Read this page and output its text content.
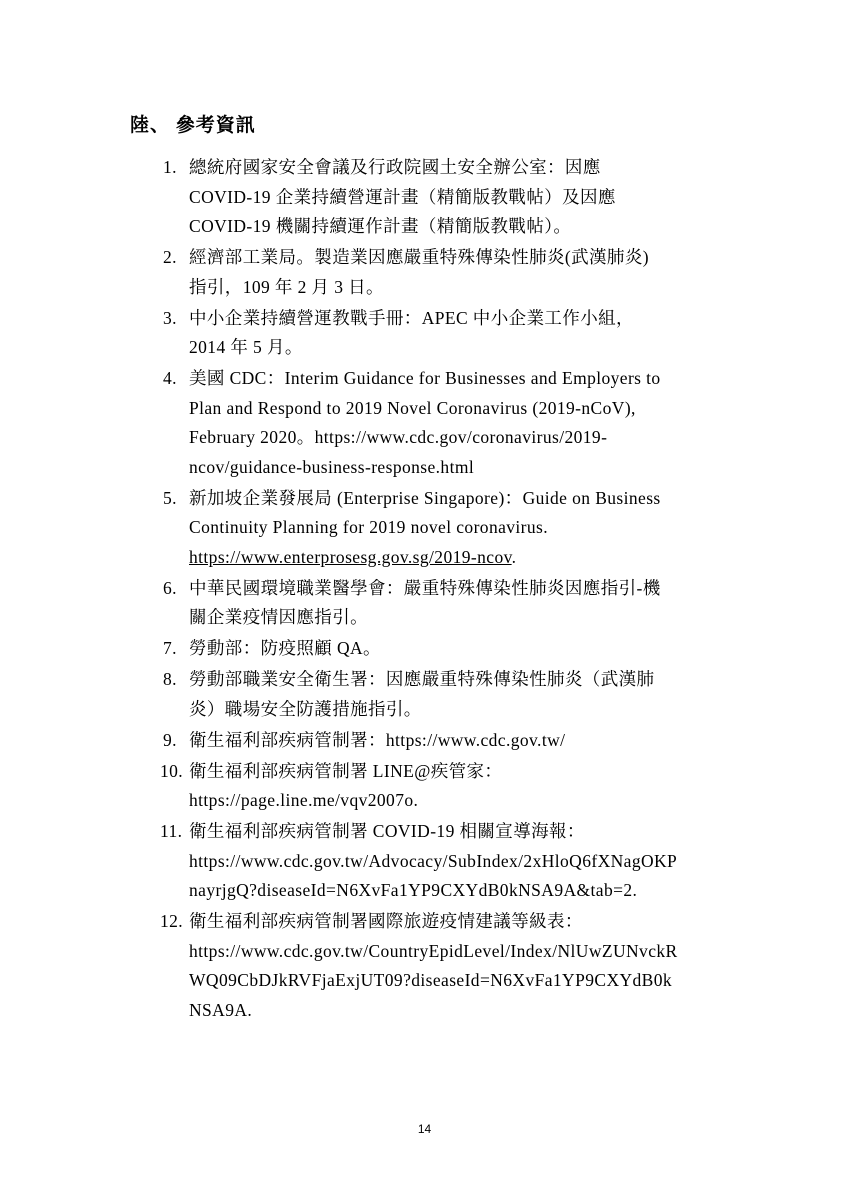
陸、 參考資訊
1. 總統府國家安全會議及行政院國土安全辦公室：因應
COVID-19 企業持續營運計畫（精簡版教戰帖）及因應
COVID-19 機關持續運作計畫（精簡版教戰帖）。
2. 經濟部工業局。製造業因應嚴重特殊傳染性肺炎(武漢肺炎)
指引，109 年 2 月 3 日。
3. 中小企業持續營運教戰手冊：APEC 中小企業工作小組，
2014 年 5 月。
4. 美國 CDC：Interim Guidance for Businesses and Employers to
Plan and Respond to 2019 Novel Coronavirus (2019-nCoV),
February 2020。https://www.cdc.gov/coronavirus/2019-
ncov/guidance-business-response.html
5. 新加坡企業發展局 (Enterprise Singapore)：Guide on Business
Continuity Planning for 2019 novel coronavirus.
https://www.enterprosesg.gov.sg/2019-ncov.
6. 中華民國環境職業醫學會：嚴重特殊傳染性肺炎因應指引-機
關企業疫情因應指引。
7. 勞動部：防疫照顧 QA。
8. 勞動部職業安全衛生署：因應嚴重特殊傳染性肺炎（武漢肺
炎）職場安全防護措施指引。
9. 衛生福利部疾病管制署：https://www.cdc.gov.tw/
10. 衛生福利部疾病管制署 LINE@疾管家：
https://page.line.me/vqv2007o.
11. 衛生福利部疾病管制署 COVID-19 相關宣導海報：
https://www.cdc.gov.tw/Advocacy/SubIndex/2xHloQ6fXNagOKP
nayrjgQ?diseaseId=N6XvFa1YP9CXYdB0kNSA9A&tab=2.
12. 衛生福利部疾病管制署國際旅遊疫情建議等級表：
https://www.cdc.gov.tw/CountryEpidLevel/Index/NlUwZUNvckR
WQ09CbDJkRVFjaExjUT09?diseaseId=N6XvFa1YP9CXYdB0k
NSA9A.
14
